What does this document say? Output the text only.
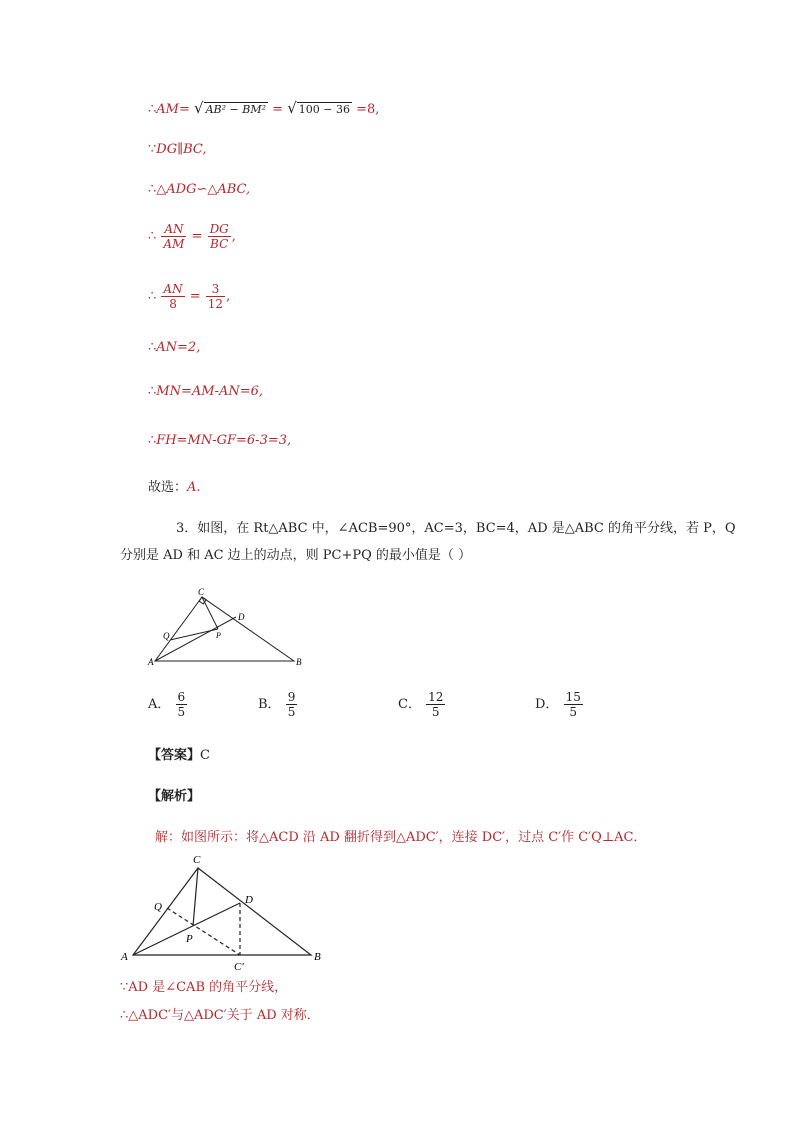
∴AM= √ AB² − BM² = √ 100 − 36 =8,
∵DG∥BC,
∴△ADG∽△ABC,
∴ $\frac{AN}{AM} = \frac{DG}{BC}$ ,
∴ $\frac{AN}{8} = \frac{3}{12}$ ,
∴AN=2,
∴MN=AM-AN=6,
∴FH=MN-GF=6-3=3,
故选：A.
3．如图，在 Rt△ABC 中，∠ACB=90°，AC=3，BC=4，AD 是△ABC 的角平分线，若 P，Q
分别是 AD 和 AC 边上的动点，则 PC+PQ 的最小值是（ ）
C
D
Q	P
A	B
A． $\frac{6}{5}$	B． $\frac{9}{5}$	C． $\frac{12}{5}$	D． $\frac{15}{5}$
【答案】C
【解析】
解：如图所示：将△ACD 沿 AD 翻折得到△ADC′，连接 DC′，过点 C′作 C′Q⊥AC．
C
D
Q
P
A	B
C′
∵AD 是∠CAB 的角平分线，
∴△ADC′与△ADC′关于 AD 对称．
